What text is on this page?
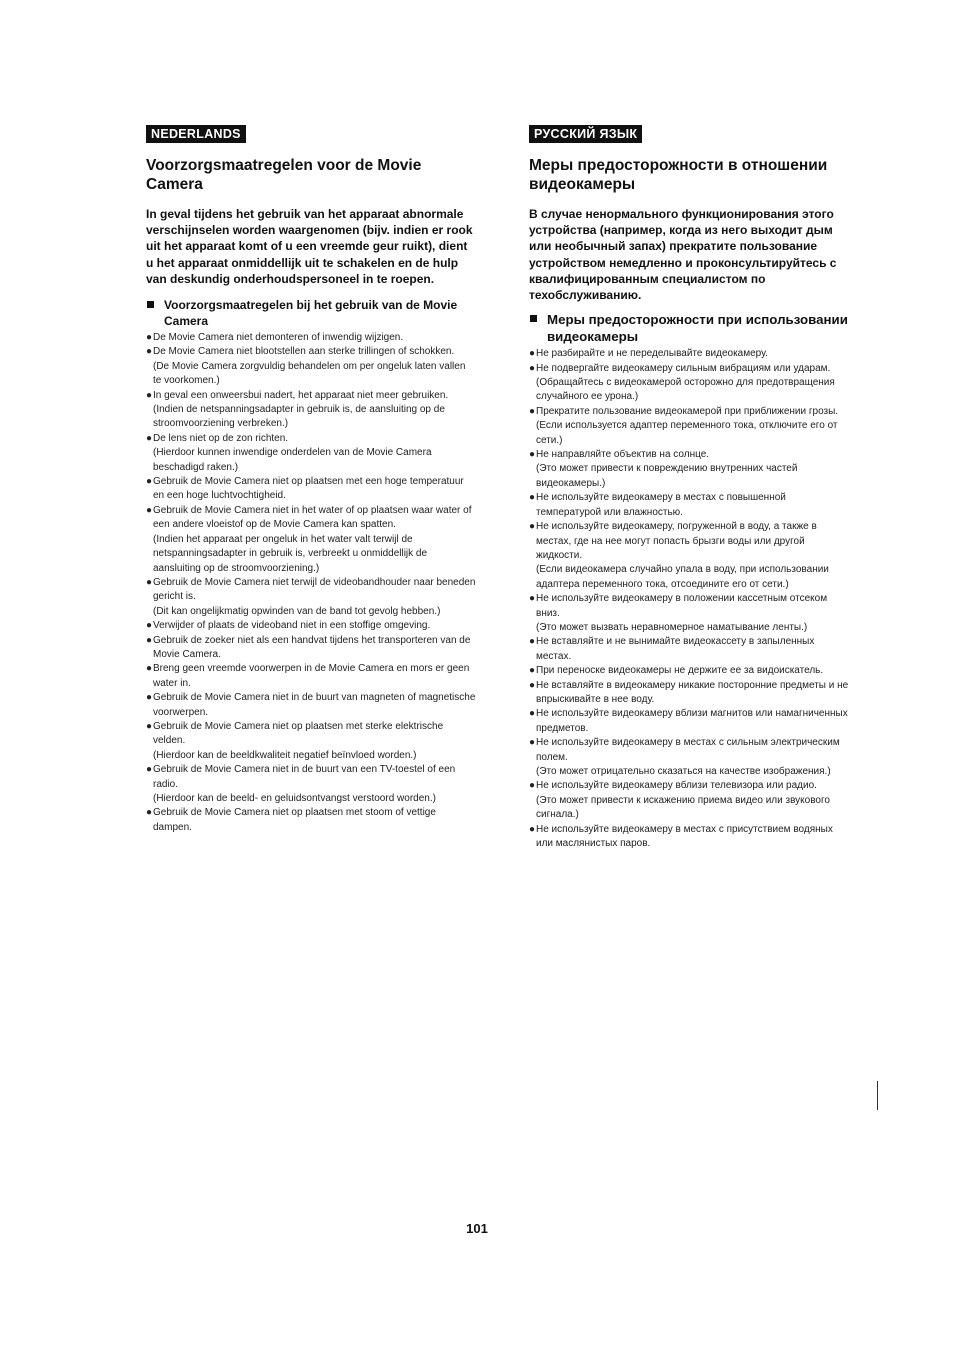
NEDERLANDS
Voorzorgsmaatregelen voor de Movie Camera

In geval tijdens het gebruik van het apparaat abnormale verschijnselen worden waargenomen (bijv. indien er rook uit het apparaat komt of u een vreemde geur ruikt), dient u het apparaat onmiddellijk uit te schakelen en de hulp van deskundig onderhoudspersoneel in te roepen.

Voorzorgsmaatregelen bij het gebruik van de Movie Camera
● De Movie Camera niet demonteren of inwendig wijzigen.
● De Movie Camera niet blootstellen aan sterke trillingen of schokken.
(De Movie Camera zorgvuldig behandelen om per ongeluk laten vallen te voorkomen.)
● In geval een onweersbui nadert, het apparaat niet meer gebruiken.
(Indien de netspanningsadapter in gebruik is, de aansluiting op de stroomvoorziening verbreken.)
● De lens niet op de zon richten.
(Hierdoor kunnen inwendige onderdelen van de Movie Camera beschadigd raken.)
● Gebruik de Movie Camera niet op plaatsen met een hoge temperatuur en een hoge luchtvochtigheid.
● Gebruik de Movie Camera niet in het water of op plaatsen waar water of een andere vloeistof op de Movie Camera kan spatten.
(Indien het apparaat per ongeluk in het water valt terwijl de netspanningsadapter in gebruik is, verbreekt u onmiddellijk de aansluiting op de stroomvoorziening.)
● Gebruik de Movie Camera niet terwijl de videobandhouder naar beneden gericht is.
(Dit kan ongelijkmatig opwinden van de band tot gevolg hebben.)
● Verwijder of plaats de videoband niet in een stoffige omgeving.
● Gebruik de zoeker niet als een handvat tijdens het transporteren van de Movie Camera.
● Breng geen vreemde voorwerpen in de Movie Camera en mors er geen water in.
● Gebruik de Movie Camera niet in de buurt van magneten of magnetische voorwerpen.
● Gebruik de Movie Camera niet op plaatsen met sterke elektrische velden.
(Hierdoor kan de beeldkwaliteit negatief beïnvloed worden.)
● Gebruik de Movie Camera niet in de buurt van een TV-toestel of een radio.
(Hierdoor kan de beeld- en geluidsontvangst verstoord worden.)
● Gebruik de Movie Camera niet op plaatsen met stoom of vettige dampen.
РУССКИЙ ЯЗЫК
Меры предосторожности в отношении видеокамеры

В случае ненормального функционирования этого устройства (например, когда из него выходит дым или необычный запах) прекратите пользование устройством немедленно и проконсультируйтесь с квалифицированным специалистом по техобслуживанию.

Меры предосторожности при использовании видеокамеры
● Не разбирайте и не переделывайте видеокамеру.
● Не подвергайте видеокамеру сильным вибрациям или ударам.
(Обращайтесь с видеокамерой осторожно для предотвращения случайного ее урона.)
● Прекратите пользование видеокамерой при приближении грозы.
(Если используется адаптер переменного тока, отключите его от сети.)
● Не направляйте объектив на солнце.
(Это может привести к повреждению внутренних частей видеокамеры.)
● Не используйте видеокамеру в местах с повышенной температурой или влажностью.
● Не используйте видеокамеру, погруженной в воду, а также в местах, где на нее могут попасть брызги воды или другой жидкости.
(Если видеокамера случайно упала в воду, при использовании адаптера переменного тока, отсоедините его от сети.)
● Не используйте видеокамеру в положении кассетным отсеком вниз.
(Это может вызвать неравномерное наматывание ленты.)
● Не вставляйте и не вынимайте видеокассету в запыленных местах.
● При переноске видеокамеры не держите ее за видоискатель.
● Не вставляйте в видеокамеру никакие посторонние предметы и не впрыскивайте в нее воду.
● Не используйте видеокамеру вблизи магнитов или намагниченных предметов.
● Не используйте видеокамеру в местах с сильным электрическим полем.
(Это может отрицательно сказаться на качестве изображения.)
● Не используйте видеокамеру вблизи телевизора или радио.
(Это может привести к искажению приема видео или звукового сигнала.)
● Не используйте видеокамеру в местах с присутствием водяных или маслянистых паров.
101
